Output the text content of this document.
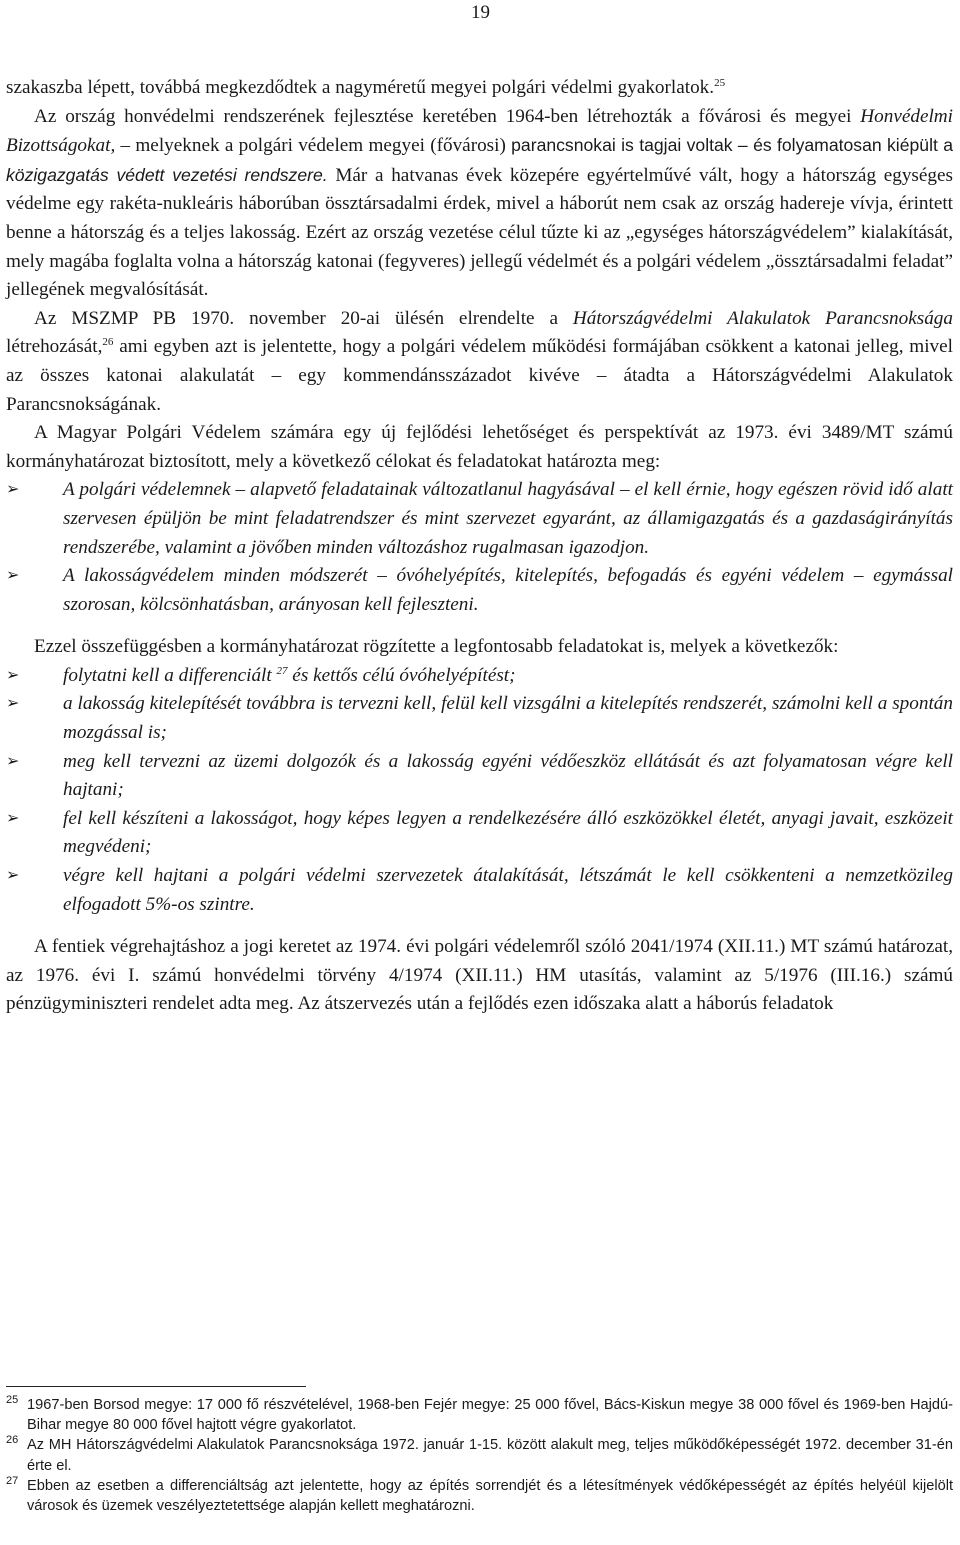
19

szakaszba lépett, továbbá megkezdődtek a nagyméretű megyei polgári védelmi gyakorlatok.$^{25}$

Az ország honvédelmi rendszerének fejlesztése keretében 1964-ben létrehozták a fővárosi és megyei Honvédelmi Bizottságokat, – melyeknek a polgári védelem megyei (fővárosi) parancsnokai is tagjai voltak – és folyamatosan kiépült a közigazgatás védett vezetési rendszere. Már a hatvanas évek közepére egyértelművé vált, hogy a hátország egységes védelme egy rakéta-nukleáris háborúban össztársadalmi érdek, mivel a háborút nem csak az ország hadereje vívja, érintett benne a hátország és a teljes lakosság. Ezért az ország vezetése célul tűzte ki az „egységes hátországvédelem” kialakítását, mely magába foglalta volna a hátország katonai (fegyveres) jellegű védelmét és a polgári védelem „össztársadalmi feladat” jellegének megvalósítását.

Az MSZMP PB 1970. november 20-ai ülésén elrendelte a Hátországvédelmi Alakulatok Parancsnoksága létrehozását,$^{26}$ ami egyben azt is jelentette, hogy a polgári védelem működési formájában csökkent a katonai jelleg, mivel az összes katonai alakulatát – egy kommendánsszázadot kivéve – átadta a Hátországvédelmi Alakulatok Parancsnokságának.

A Magyar Polgári Védelem számára egy új fejlődési lehetőséget és perspektívát az 1973. évi 3489/MT számú kormányhatározat biztosított, mely a következő célokat és feladatokat határozta meg:

➢ A polgári védelemnek – alapvető feladatainak változatlanul hagyásával – el kell érnie, hogy egészen rövid idő alatt szervesen épüljön be mint feladatrendszer és mint szervezet egyaránt, az államigazgatás és a gazdaságirányítás rendszerébe, valamint a jövőben minden változáshoz rugalmasan igazodjon.
➢ A lakosságvédelem minden módszerét – óvóhelyépítés, kitelepítés, befogadás és egyéni védelem – egymással szorosan, kölcsönhatásban, arányosan kell fejleszteni.

Ezzel összefüggésben a kormányhatározat rögzítette a legfontosabb feladatokat is, melyek a következők:

➢ folytatni kell a differenciált $^{27}$ és kettős célú óvóhelyépítést;
➢ a lakosság kitelepítését továbbra is tervezni kell, felül kell vizsgálni a kitelepítés rendszerét, számolni kell a spontán mozgással is;
➢ meg kell tervezni az üzemi dolgozók és a lakosság egyéni védőeszköz ellátását és azt folyamatosan végre kell hajtani;
➢ fel kell készíteni a lakosságot, hogy képes legyen a rendelkezésére álló eszközökkel életét, anyagi javait, eszközeit megvédeni;
➢ végre kell hajtani a polgári védelmi szervezetek átalakítását, létszámát le kell csökkenteni a nemzetközileg elfogadott 5%-os szintre.

A fentiek végrehajtáshoz a jogi keretet az 1974. évi polgári védelemről szóló 2041/1974 (XII.11.) MT számú határozat, az 1976. évi I. számú honvédelmi törvény 4/1974 (XII.11.) HM utasítás, valamint az 5/1976 (III.16.) számú pénzügyminiszteri rendelet adta meg. Az átszervezés után a fejlődés ezen időszaka alatt a háborús feladatok

25 1967-ben Borsod megye: 17 000 fő részvételével, 1968-ben Fejér megye: 25 000 fővel, Bács-Kiskun megye 38 000 fővel és 1969-ben Hajdú-Bihar megye 80 000 fővel hajtott végre gyakorlatot.
26 Az MH Hátországvédelmi Alakulatok Parancsnoksága 1972. január 1-15. között alakult meg, teljes működőképességét 1972. december 31-én érte el.
27 Ebben az esetben a differenciáltság azt jelentette, hogy az építés sorrendjét és a létesítmények védőképességét az építés helyéül kijelölt városok és üzemek veszélyeztetettsége alapján kellett meghatározni.
